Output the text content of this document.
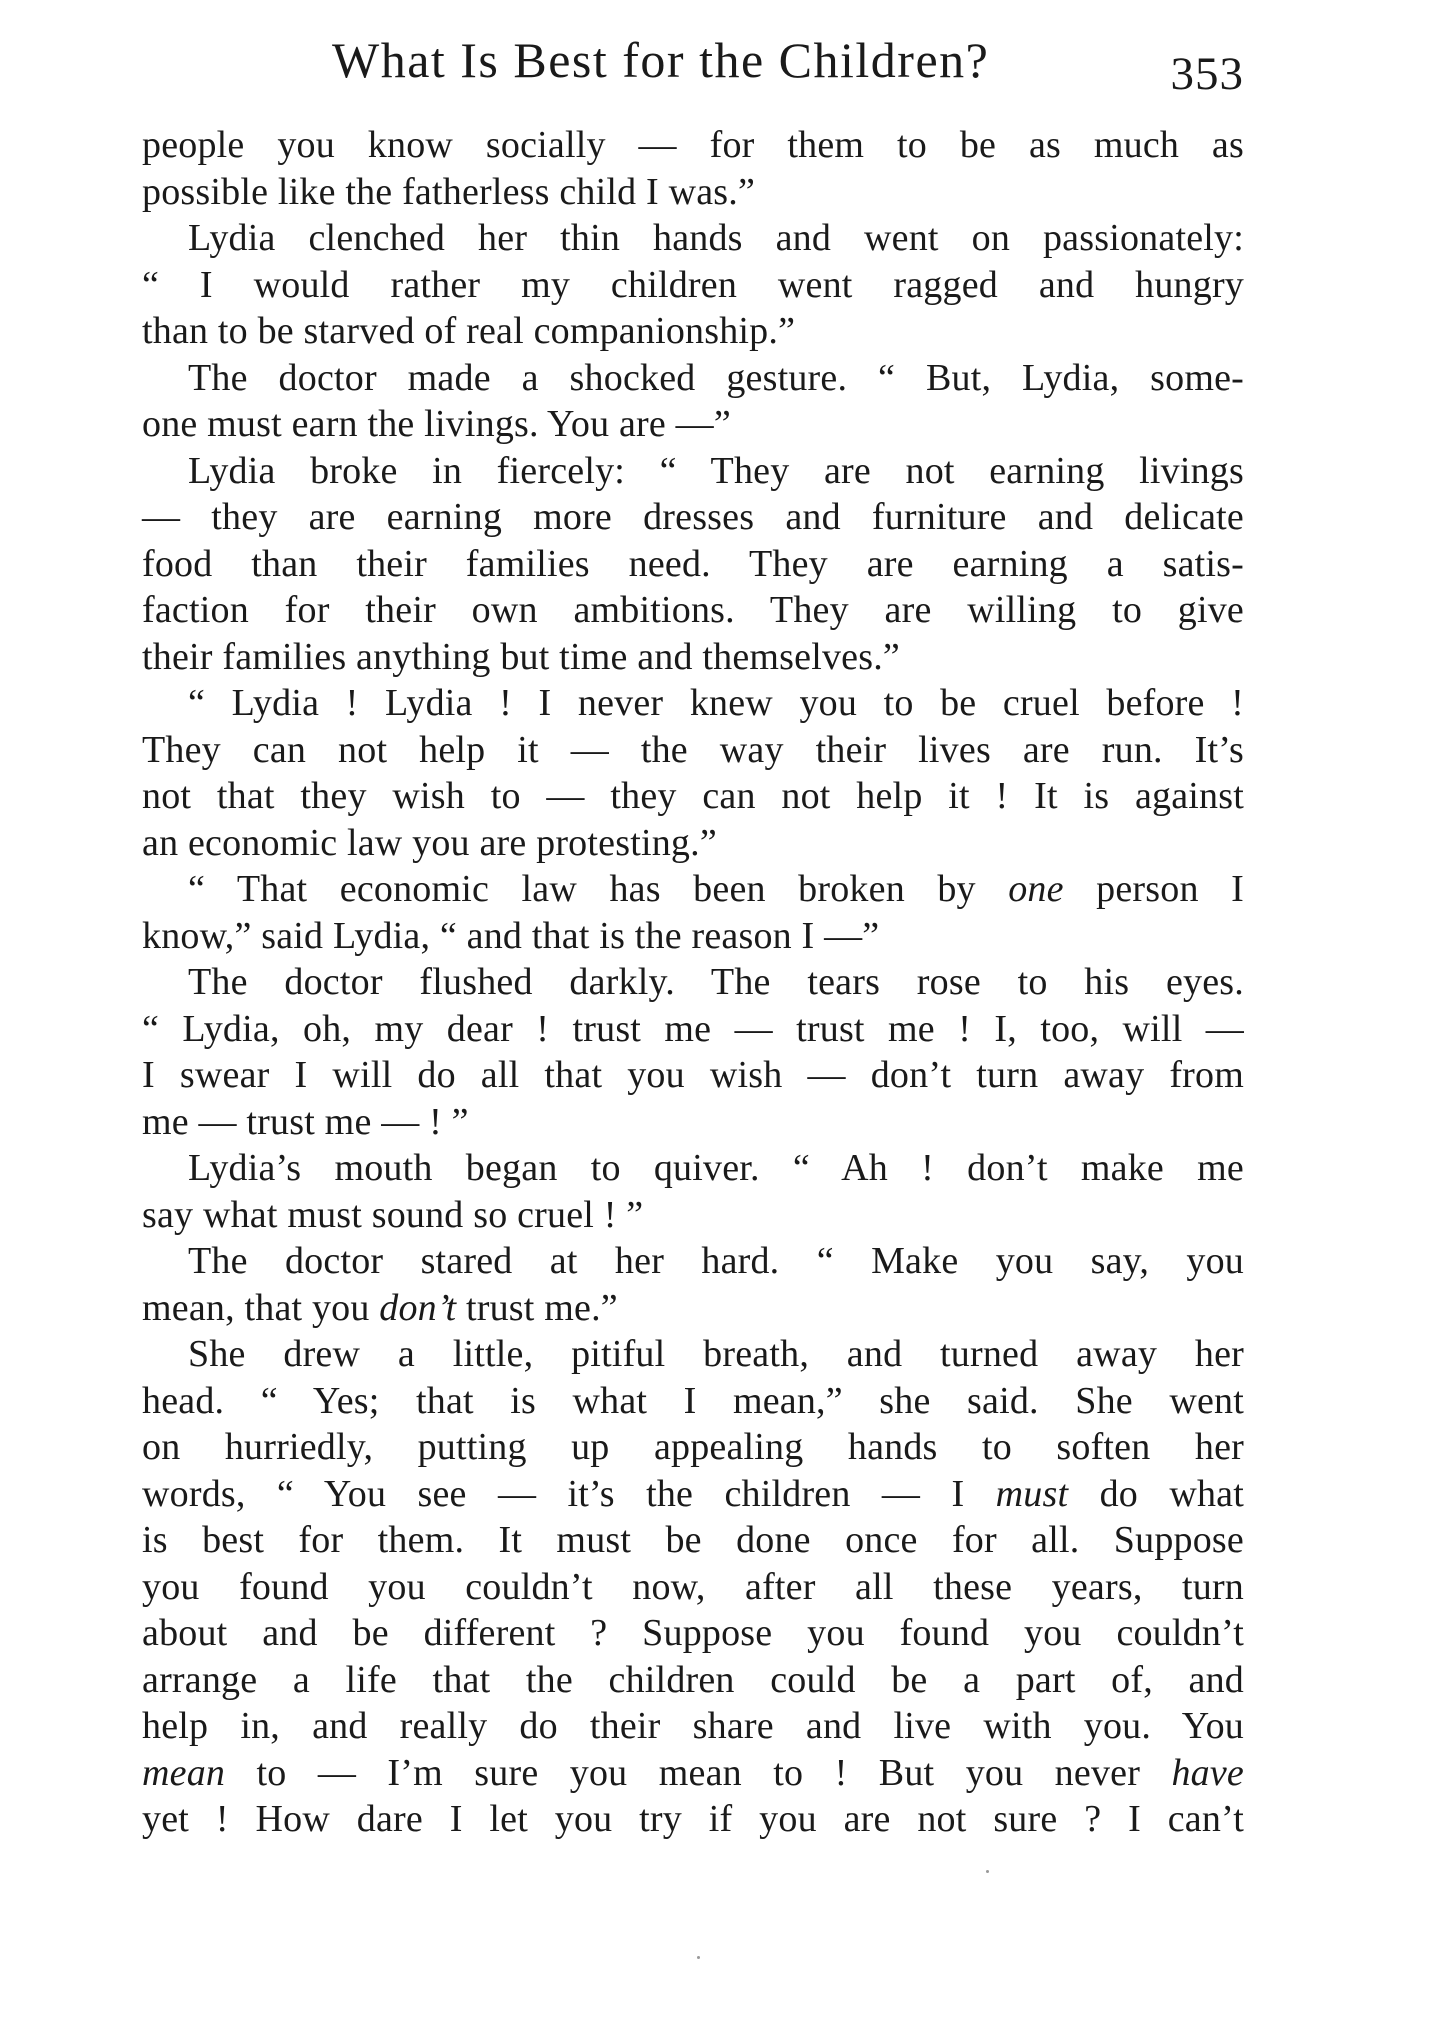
What Is Best for the Children?	353
people you know socially — for them to be as much as
possible like the fatherless child I was.”
Lydia clenched her thin hands and went on passionately:
“ I would rather my children went ragged and hungry
than to be starved of real companionship.”
The doctor made a shocked gesture. “ But, Lydia, some-
one must earn the livings. You are —”
Lydia broke in fiercely: “ They are not earning livings
— they are earning more dresses and furniture and delicate
food than their families need. They are earning a satis-
faction for their own ambitions. They are willing to give
their families anything but time and themselves.”
“ Lydia ! Lydia ! I never knew you to be cruel before !
They can not help it — the way their lives are run. It’s
not that they wish to — they can not help it ! It is against
an economic law you are protesting.”
“ That economic law has been broken by one person I
know,” said Lydia, “ and that is the reason I —”
The doctor flushed darkly. The tears rose to his eyes.
“ Lydia, oh, my dear ! trust me — trust me ! I, too, will —
I swear I will do all that you wish — don’t turn away from
me — trust me — ! ”
Lydia’s mouth began to quiver. “ Ah ! don’t make me
say what must sound so cruel ! ”
The doctor stared at her hard. “ Make you say, you
mean, that you don’t trust me.”
She drew a little, pitiful breath, and turned away her
head. “ Yes; that is what I mean,” she said. She went
on hurriedly, putting up appealing hands to soften her
words, “ You see — it’s the children — I must do what
is best for them. It must be done once for all. Suppose
you found you couldn’t now, after all these years, turn
about and be different ? Suppose you found you couldn’t
arrange a life that the children could be a part of, and
help in, and really do their share and live with you. You
mean to — I’m sure you mean to ! But you never have
yet ! How dare I let you try if you are not sure ? I can’t
